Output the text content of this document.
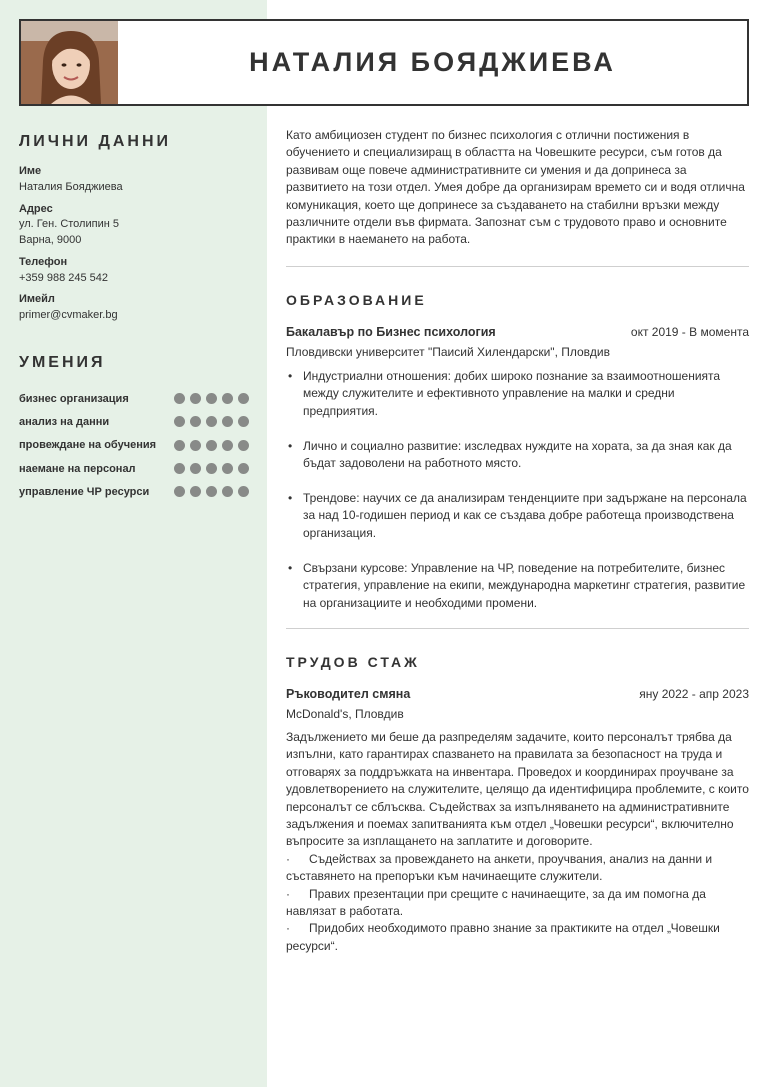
НАТАЛИЯ БОЯДЖИЕВА
ЛИЧНИ ДАННИ
Име
Наталия Бояджиева
Адрес
ул. Ген. Столипин 5
Варна, 9000
Телефон
+359 988 245 542
Имейл
primer@cvmaker.bg
УМЕНИЯ
бизнес организация
анализ на данни
провеждане на обучения
наемане на персонал
управление ЧР ресурси
Като амбициозен студент по бизнес психология с отлични постижения в обучението и специализиращ в областта на Човешките ресурси, съм готов да развивам още повече административните си умения и да допринеса за развитието на този отдел. Умея добре да организирам времето си и водя отлична комуникация, което ще допринесе за създаването на стабилни връзки между различните отдели във фирмата. Запознат съм с трудовото право и основните практики в наемането на работа.
ОБРАЗОВАНИЕ
Бакалавър по Бизнес психология	окт 2019 - В момента
Пловдивски университет "Паисий Хилендарски", Пловдив
• Индустриални отношения: добих широко познание за взаимоотношенията между служителите и ефективното управление на малки и средни предприятия.
• Лично и социално развитие: изследвах нуждите на хората, за да зная как да бъдат задоволени на работното място.
• Трендове: научих се да анализирам тенденциите при задържане на персонала за над 10-годишен период и как се създава добре работеща производствена организация.
• Свързани курсове: Управление на ЧР, поведение на потребителите, бизнес стратегия, управление на екипи, международна маркетинг стратегия, развитие на организациите и необходими промени.
ТРУДОВ СТАЖ
Ръководител смяна	яну 2022 - апр 2023
McDonald's, Пловдив

Задължението ми беше да разпределям задачите, които персоналът трябва да изпълни, като гарантирах спазването на правилата за безопасност на труда и отговарях за поддръжката на инвентара. Проведох и координирах проучване за удовлетворението на служителите, целящо да идентифицира проблемите, с които персоналът се сблъсква. Съдействах за изпълняването на административните задължения и поемах запитванията към отдел „Човешки ресурси“, включително въпросите за изплащането на заплатите и договорите.

· Съдействах за провеждането на анкети, проучвания, анализ на данни и съставянето на препоръки към начинаещите служители.

· Правих презентации при срещите с начинаещите, за да им помогна да навлязат в работата.

· Придобих необходимото правно знание за практиките на отдел „Човешки ресурси“.
